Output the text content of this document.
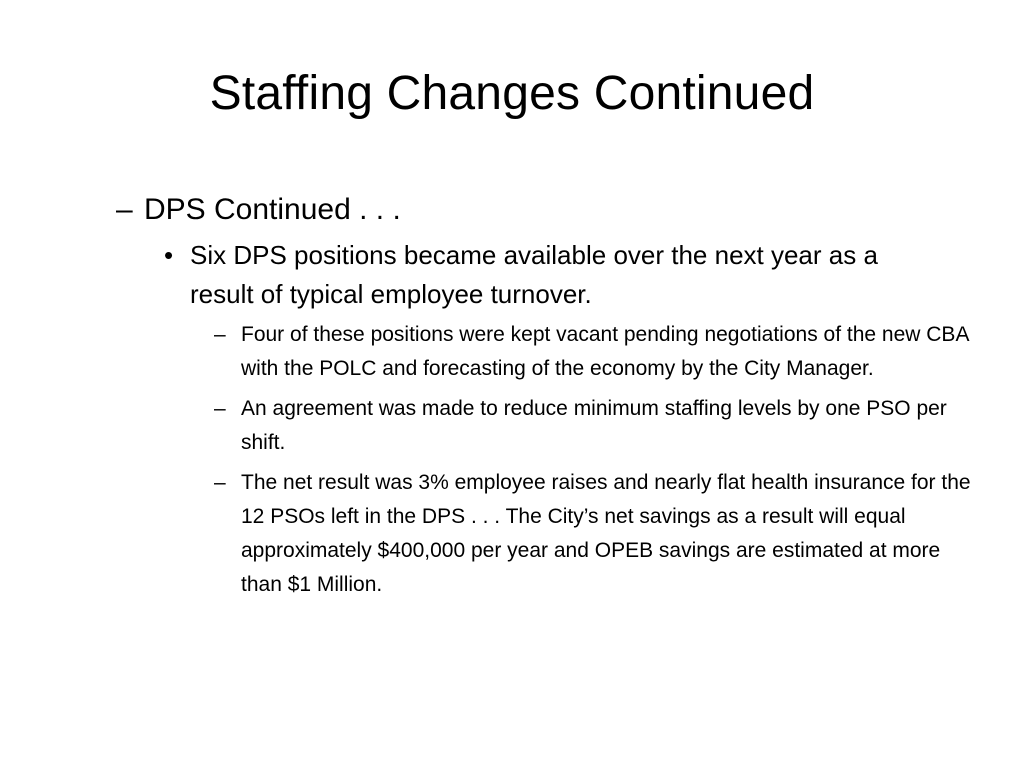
Staffing Changes Continued
– DPS Continued . . .
• Six DPS positions became available over the next year as a result of typical employee turnover.
– Four of these positions were kept vacant pending negotiations of the new CBA with the POLC and forecasting of the economy by the City Manager.
– An agreement was made to reduce minimum staffing levels by one PSO per shift.
– The net result was 3% employee raises and nearly flat health insurance for the 12 PSOs left in the DPS . . . The City’s net savings as a result will equal approximately $400,000 per year and OPEB savings are estimated at more than $1 Million.
